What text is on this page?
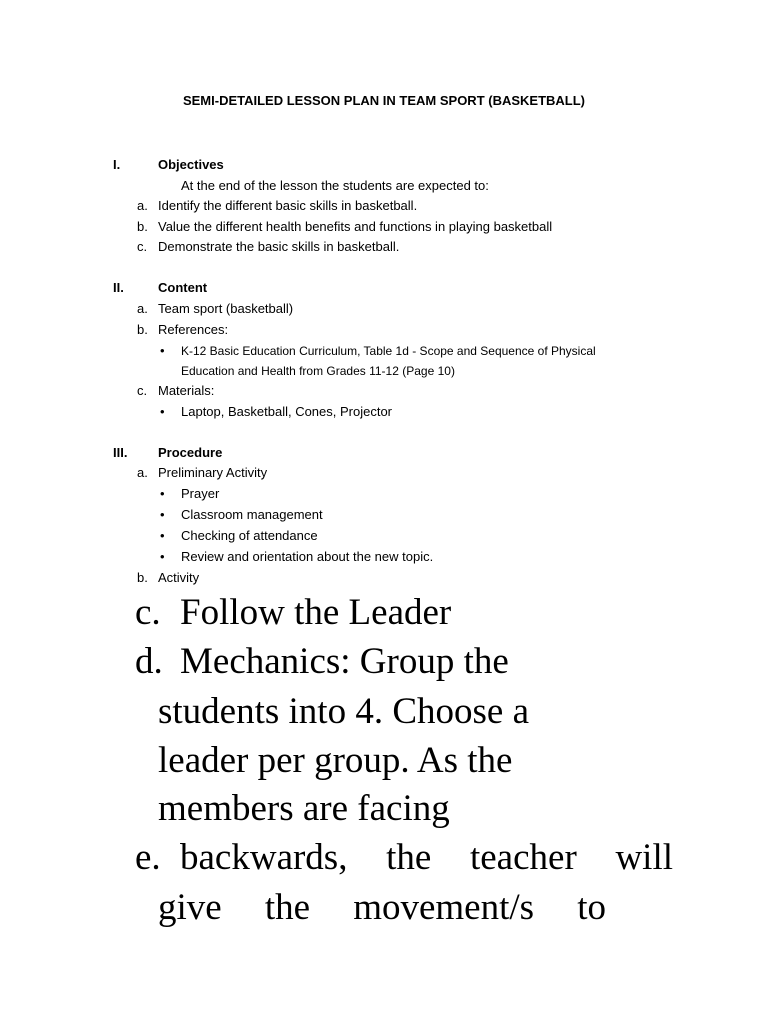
SEMI-DETAILED LESSON PLAN IN TEAM SPORT (BASKETBALL)
I.	Objectives
At the end of the lesson the students are expected to:
a. Identify the different basic skills in basketball.
b. Value the different health benefits and functions in playing basketball
c. Demonstrate the basic skills in basketball.
II.	Content
a. Team sport (basketball)
b. References:
• K-12 Basic Education Curriculum, Table 1d - Scope and Sequence of Physical
Education and Health from Grades 11-12 (Page 10)
c. Materials:
• Laptop, Basketball, Cones, Projector
III. Procedure
a. Preliminary Activity
• Prayer
• Classroom management
• Checking of attendance
• Review and orientation about the new topic.
b. Activity
c. Follow the Leader
d. Mechanics: Group the
students into 4. Choose a
leader per group. As the
members are facing
e. backwards, the teacher will
give the movement/s to
